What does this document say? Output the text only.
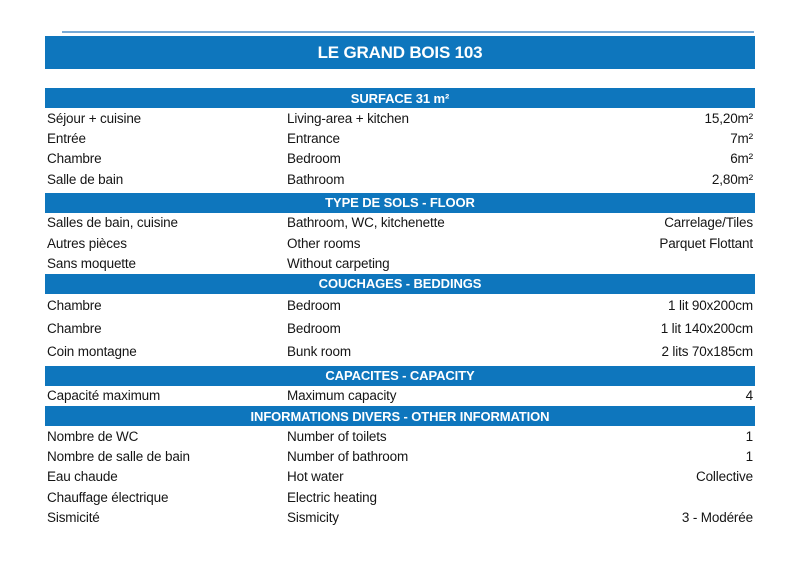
LE GRAND BOIS 103
SURFACE 31 m²
Séjour + cuisine	Living-area + kitchen	15,20m²
Entrée	Entrance	7m²
Chambre	Bedroom	6m²
Salle de bain	Bathroom	2,80m²
TYPE DE SOLS - FLOOR
Salles de bain, cuisine	Bathroom, WC, kitchenette	Carrelage/Tiles
Autres pièces	Other rooms	Parquet Flottant
Sans moquette	Without carpeting
COUCHAGES - BEDDINGS
Chambre	Bedroom	1 lit 90x200cm
Chambre	Bedroom	1 lit 140x200cm
Coin montagne	Bunk room	2 lits 70x185cm
CAPACITES - CAPACITY
Capacité maximum	Maximum capacity	4
INFORMATIONS DIVERS - OTHER INFORMATION
Nombre de WC	Number of toilets	1
Nombre de salle de bain	Number of bathroom	1
Eau chaude	Hot water	Collective
Chauffage électrique	Electric heating
Sismicité	Sismicity	3 - Modérée
